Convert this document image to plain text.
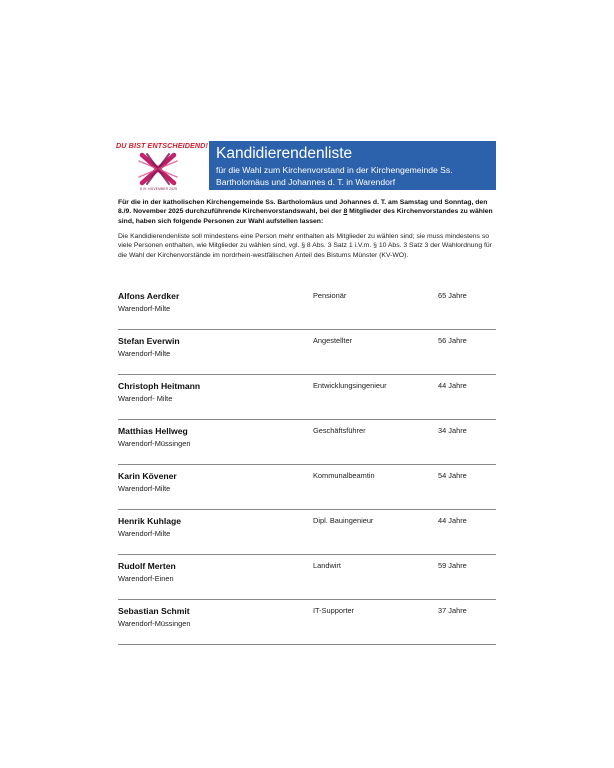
DU BIST ENTSCHEIDEND!
8./9. NOVEMBER 2025
Kandidierendenliste
für die Wahl zum Kirchenvorstand in der Kirchengemeinde Ss. Bartholomäus und Johannes d. T. in Warendorf
Für die in der katholischen Kirchengemeinde Ss. Bartholomäus und Johannes d. T. am Samstag und Sonntag, den 8./9. November 2025 durchzuführende Kirchenvorstandswahl, bei der 8 Mitglieder des Kirchenvorstandes zu wählen sind, haben sich folgende Personen zur Wahl aufstellen lassen:
Die Kandidierendenliste soll mindestens eine Person mehr enthalten als Mitglieder zu wählen sind; sie muss mindestens so viele Personen enthalten, wie Mitglieder zu wählen sind, vgl. § 8 Abs. 3 Satz 1 i.V.m. § 10 Abs. 3 Satz 3 der Wahlordnung für die Wahl der Kirchenvorstände im nordrhein-westfälischen Anteil des Bistums Münster (KV-WO).
Alfons Aerdker
Warendorf-Milte
Pensionär	65 Jahre
Stefan Everwin
Warendorf-Milte
Angestellter	56 Jahre
Christoph Heitmann
Warendorf- Milte
Entwicklungsingenieur	44 Jahre
Matthias Hellweg
Warendorf-Müssingen
Geschäftsführer	34 Jahre
Karin Kövener
Warendorf-Milte
Kommunalbeamtin	54 Jahre
Henrik Kuhlage
Warendorf-Milte
Dipl. Bauingenieur	44 Jahre
Rudolf Merten
Warendorf-Einen
Landwirt	59 Jahre
Sebastian Schmit
Warendorf-Müssingen
IT-Supporter	37 Jahre
